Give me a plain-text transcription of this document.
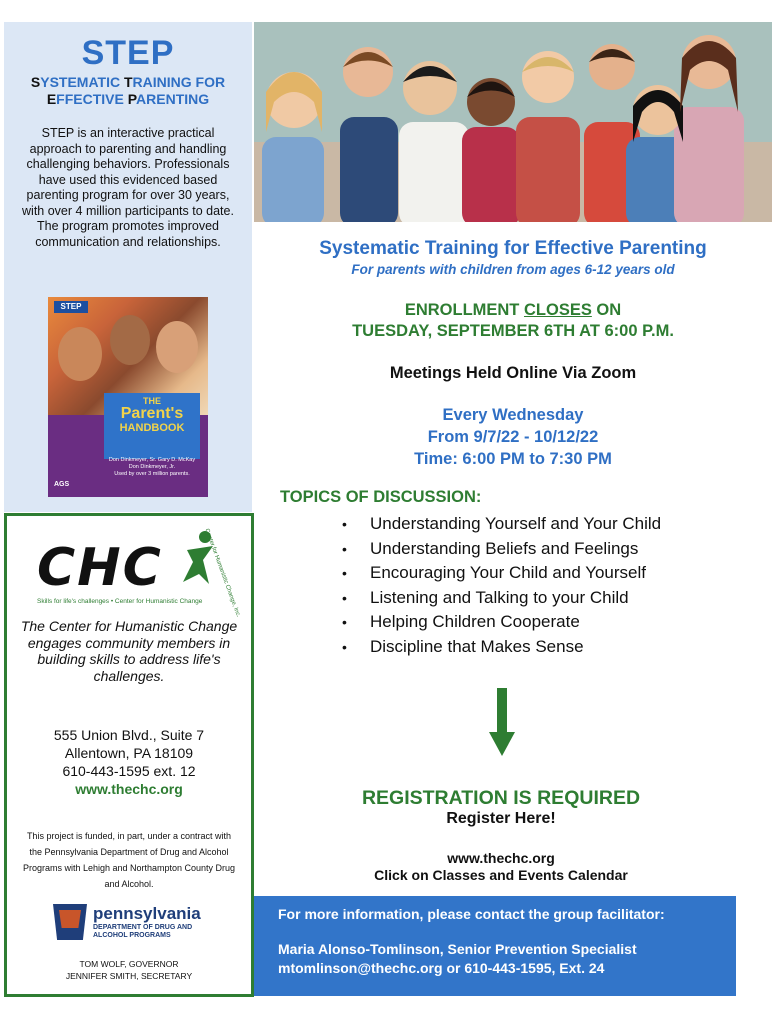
STEP
SYSTEMATIC TRAINING FOR
EFFECTIVE PARENTING
STEP is an interactive practical approach to parenting and handling challenging behaviors. Professionals have used this evidenced based parenting program for over 30 years, with over 4 million participants to date. The program promotes improved communication and relationships.
STEP
THE
Parent's
HANDBOOK
Don Dinkmeyer, Sr. Gary D. McKay Don Dinkmeyer, Jr.
Used by over 3 million parents.
AGS
CHC
Skills for life's challenges • Center for Humanistic Change Center for Humanistic Change, Inc.
The Center for Humanistic Change engages community members in building skills to address life's challenges.
555 Union Blvd., Suite 7
Allentown, PA 18109
610-443-1595 ext. 12
www.thechc.org
This project is funded, in part, under a contract with the Pennsylvania Department of Drug and Alcohol Programs with Lehigh and Northampton County Drug and Alcohol.
pennsylvania
DEPARTMENT OF DRUG AND
ALCOHOL PROGRAMS
TOM WOLF, GOVERNOR
JENNIFER SMITH, SECRETARY
Systematic Training for Effective Parenting
For parents with children from ages 6-12 years old
ENROLLMENT CLOSES ON
TUESDAY, SEPTEMBER 6TH AT 6:00 P.M.
Meetings Held Online Via Zoom
Every Wednesday
From 9/7/22 - 10/12/22
Time: 6:00 PM to 7:30 PM
TOPICS OF DISCUSSION:
• Understanding Yourself and Your Child
• Understanding Beliefs and Feelings
• Encouraging Your Child and Yourself
• Listening and Talking to your Child
• Helping Children Cooperate
• Discipline that Makes Sense
REGISTRATION IS REQUIRED
Register Here!
www.thechc.org
Click on Classes and Events Calendar
For more information, please contact the group facilitator:
Maria Alonso-Tomlinson, Senior Prevention Specialist
mtomlinson@thechc.org or 610-443-1595, Ext. 24
